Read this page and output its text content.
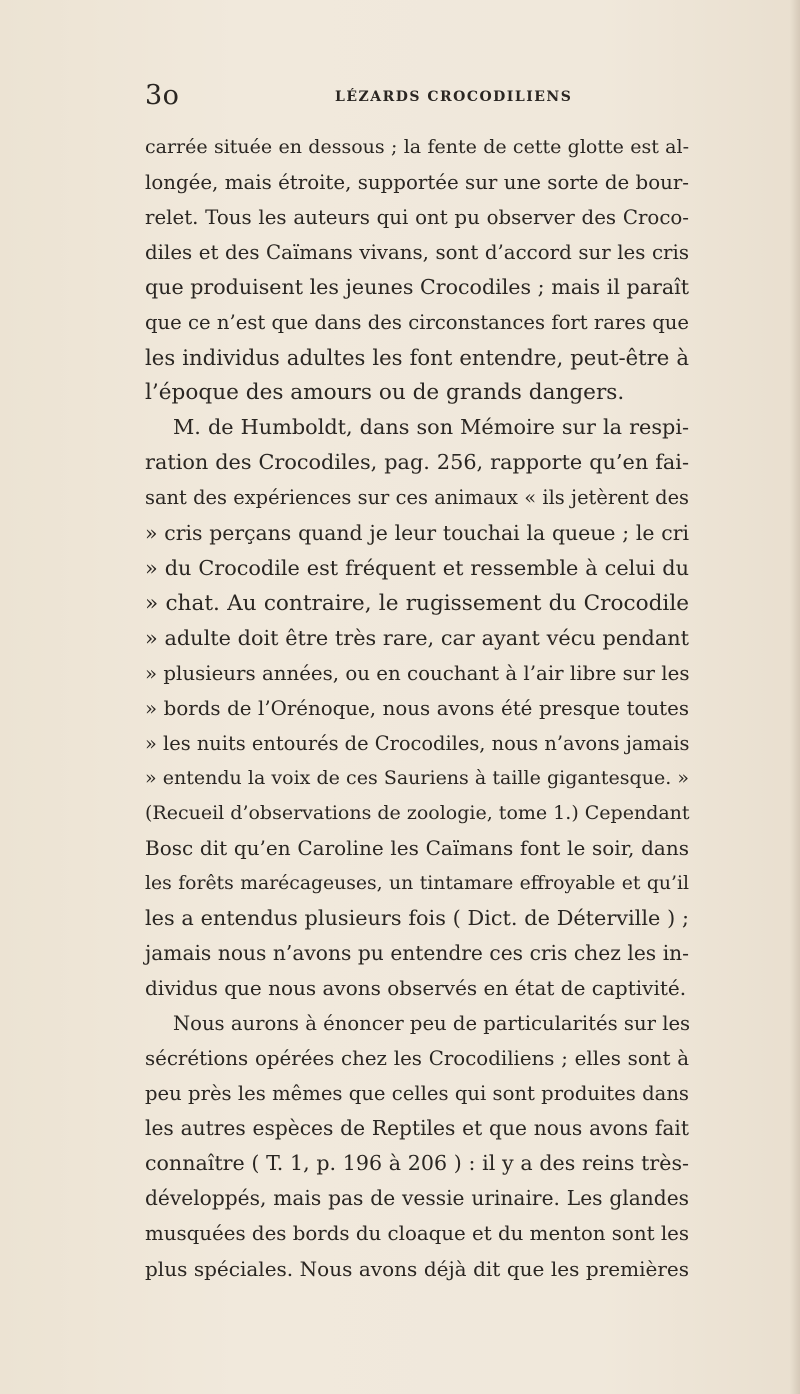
3o	LÉZARDS CROCODILIENS
carrée située en dessous ; la fente de cette glotte est al-
longée, mais étroite, supportée sur une sorte de bour-
relet. Tous les auteurs qui ont pu observer des Croco-
diles et des Caïmans vivans, sont d’accord sur les cris
que produisent les jeunes Crocodiles ; mais il paraît
que ce n’est que dans des circonstances fort rares que
les individus adultes les font entendre, peut-être à
l’époque des amours ou de grands dangers.
M. de Humboldt, dans son Mémoire sur la respi-
ration des Crocodiles, pag. 256, rapporte qu’en fai-
sant des expériences sur ces animaux « ils jetèrent des
» cris perçans quand je leur touchai la queue ; le cri
» du Crocodile est fréquent et ressemble à celui du
» chat. Au contraire, le rugissement du Crocodile
» adulte doit être très rare, car ayant vécu pendant
» plusieurs années, ou en couchant à l’air libre sur les
» bords de l’Orénoque, nous avons été presque toutes
» les nuits entourés de Crocodiles, nous n’avons jamais
» entendu la voix de ces Sauriens à taille gigantesque. »
(Recueil d’observations de zoologie, tome 1.) Cependant
Bosc dit qu’en Caroline les Caïmans font le soir, dans
les forêts marécageuses, un tintamare effroyable et qu’il
les a entendus plusieurs fois ( Dict. de Déterville ) ;
jamais nous n’avons pu entendre ces cris chez les in-
dividus que nous avons observés en état de captivité.
Nous aurons à énoncer peu de particularités sur les
sécrétions opérées chez les Crocodiliens ; elles sont à
peu près les mêmes que celles qui sont produites dans
les autres espèces de Reptiles et que nous avons fait
connaître ( T. 1, p. 196 à 206 ) : il y a des reins très-
développés, mais pas de vessie urinaire. Les glandes
musquées des bords du cloaque et du menton sont les
plus spéciales. Nous avons déjà dit que les premières
